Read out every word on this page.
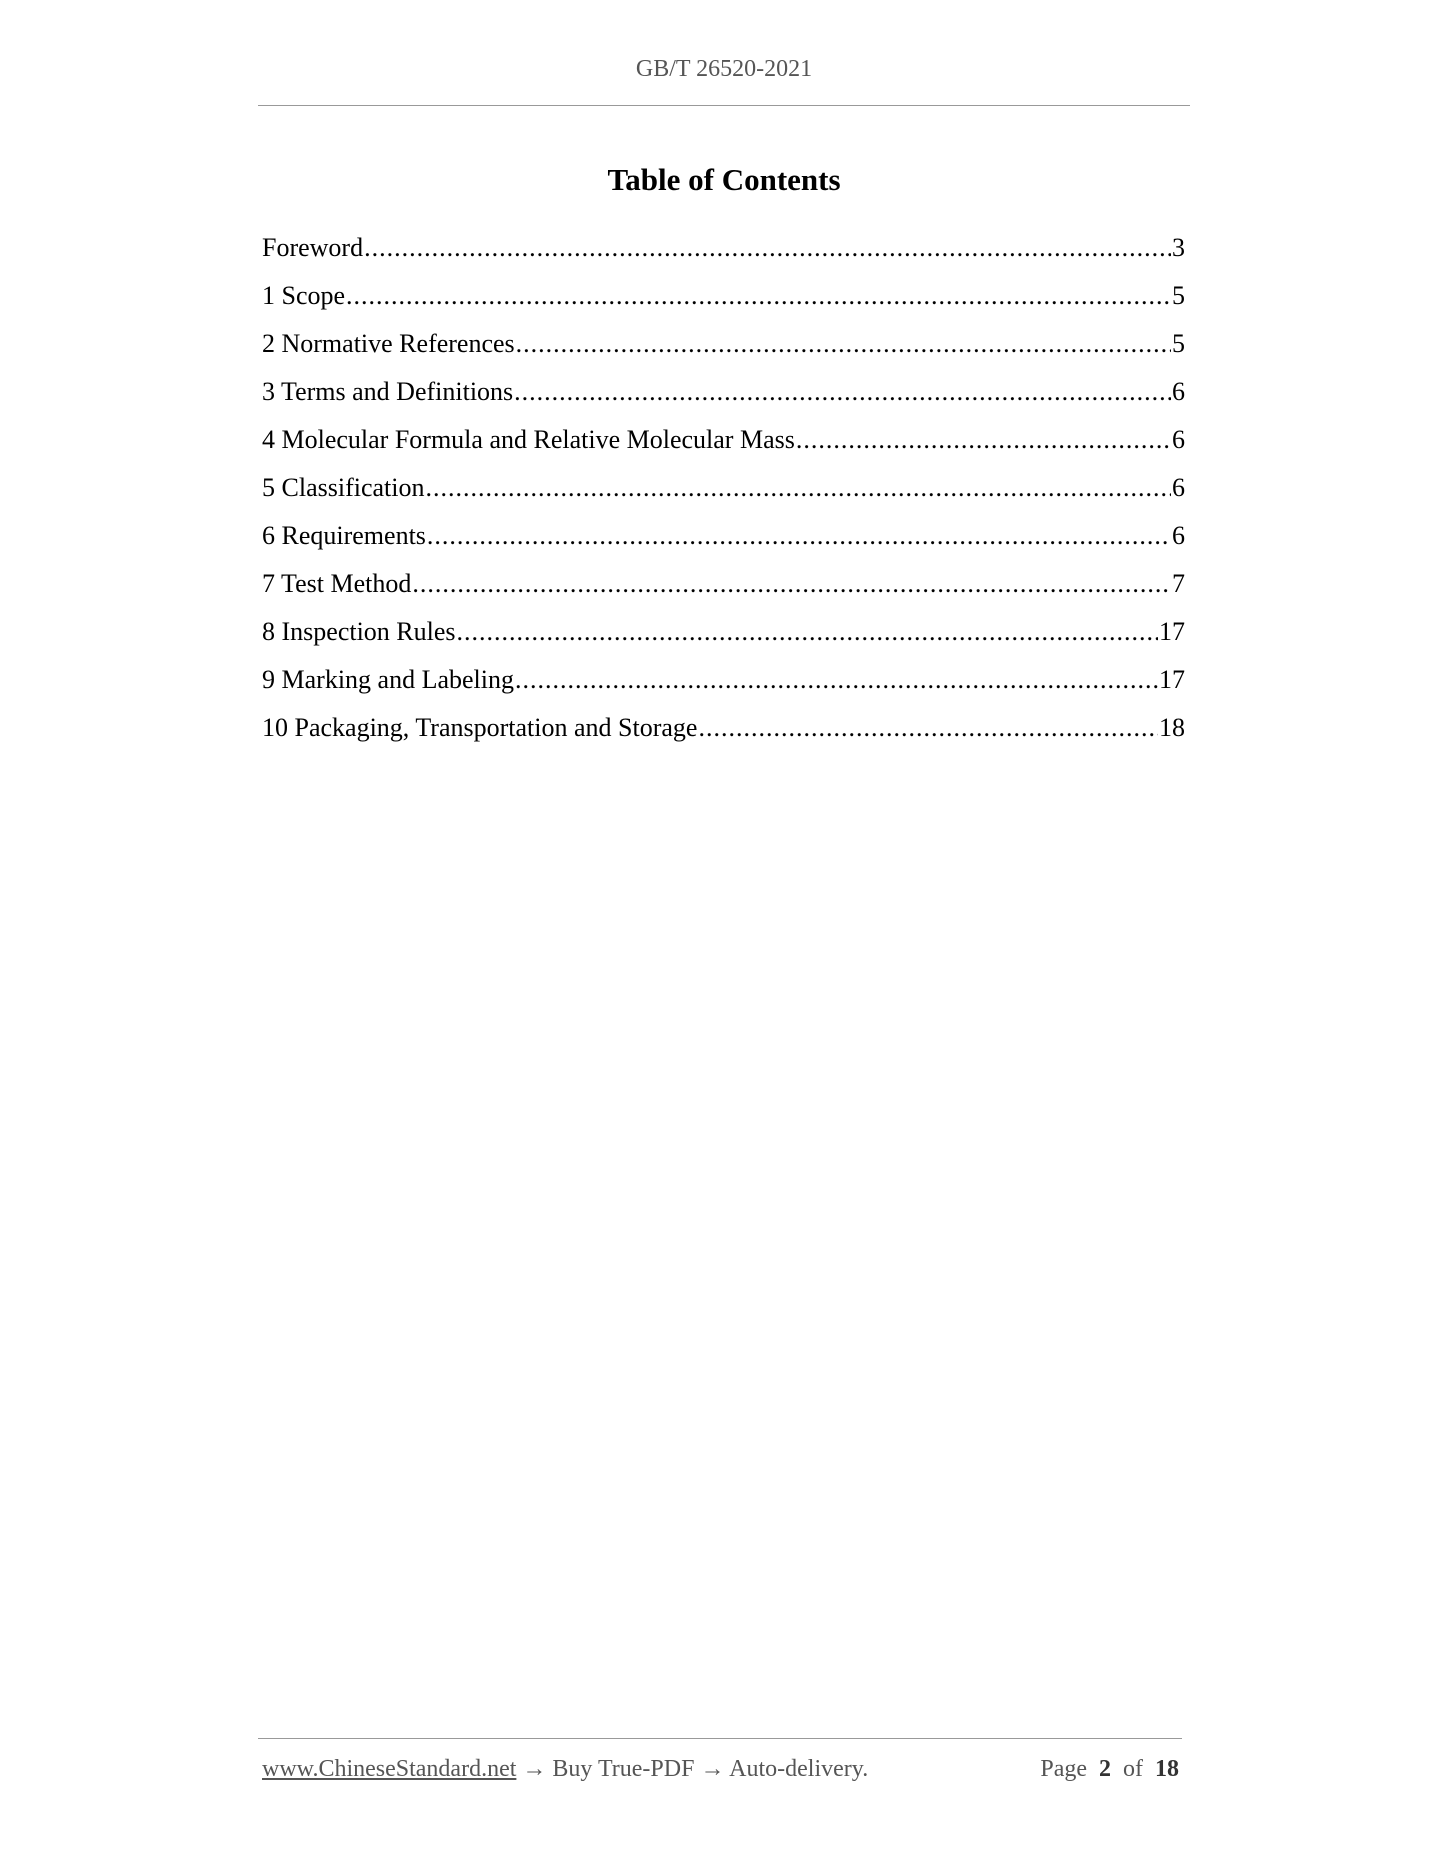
GB/T 26520-2021
Table of Contents
Foreword .....	3
1 Scope .....	5
2 Normative References .....	5
3 Terms and Definitions .....	6
4 Molecular Formula and Relative Molecular Mass .....	6
5 Classification .....	6
6 Requirements .....	6
7 Test Method .....	7
8 Inspection Rules .....	17
9 Marking and Labeling .....	17
10 Packaging, Transportation and Storage .....	18
www.ChineseStandard.net → Buy True-PDF → Auto-delivery.	Page 2 of 18
